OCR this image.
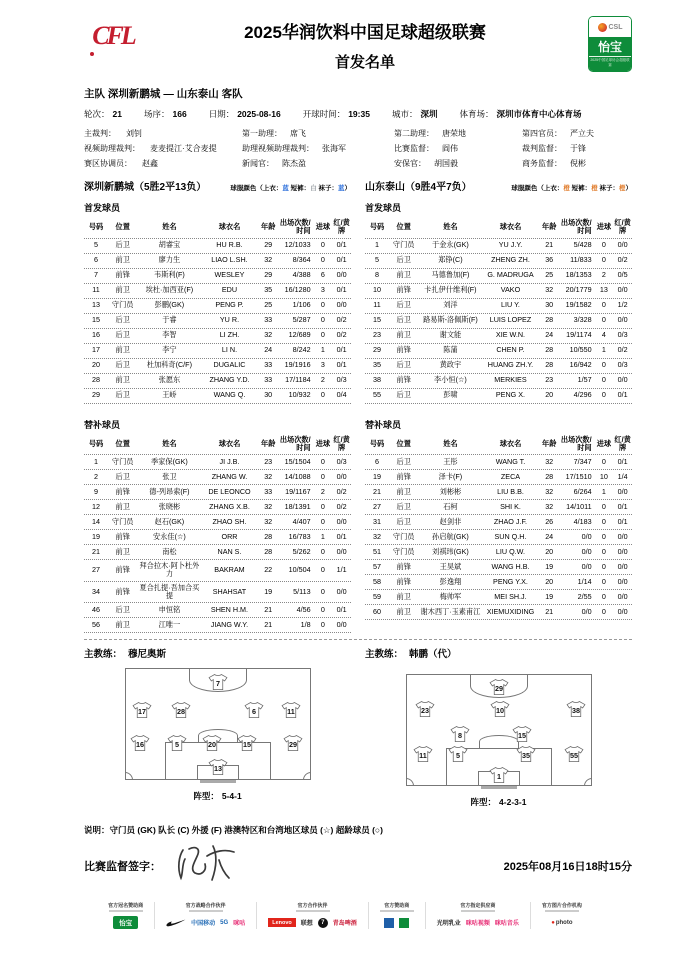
CFL	2025华润饮料中国足球超级联赛
首发名单
CSL
怡宝
2025中国足球协会超级联赛
主队 深圳新鹏城 — 山东泰山 客队
轮次： 21	场序： 166	日期： 2025-08-16	开球时间： 19:35	城市： 深圳	体育场： 深圳市体育中心体育场
主裁判： 刘钊	第一助理： 席飞	第二助理： 唐荣地	第四官员： 严立夫
视频助理裁判： 麦麦提江·艾合麦提	助理视频助理裁判： 张海军	比赛监督： 阎伟	裁判监督： 于锋
赛区协调员： 赵鑫	新闻官： 陈杰盈	安保官： 胡国毅	商务监督： 倪彬
深圳新鹏城（5胜2平13负）	球服颜色（上衣：蓝 短裤：白 袜子：蓝） 山东泰山（9胜4平7负）	球服颜色（上衣：橙 短裤：橙 袜子：橙）
首发球员	首发球员
号码	位置	姓名	球衣名	年龄 出场次数/时间 进球 红/黄牌
5	后卫	胡睿宝	HU R.B.	29	12/1033	0	0/1
6	前卫	廖力生	LIAO L.SH.	32	8/364	0	0/1
7	前锋	韦斯利(F)	WESLEY	29	4/388	6	0/0
11	前卫	埃杜·加西亚(F)	EDU	35	16/1280	3	0/1
13	守门员	彭鹏(GK)	PENG P.	25	1/106	0	0/0
15	后卫	于睿	YU R.	33	5/287	0	0/2
16	后卫	李智	LI ZH.	32	12/689	0	0/2
17	前卫	李宁	LI N.	24	8/242	1	0/1
20	后卫	杜加科奇(C/F)	DUGALIC	33	19/1916	3	0/1
28	前卫	张愿东	ZHANG Y.D.	33	17/1184	2	0/3
29	后卫	王峤	WANG Q.	30	10/932	0	0/4
号码	位置	姓名	球衣名	年龄 出场次数/时间 进球 红/黄牌
1	守门员	于金永(GK)	YU J.Y.	21	5/428	0	0/0
5	后卫	郑铮(C)	ZHENG ZH.	36	11/833	0	0/2
8	前卫	马德鲁加(F)	G. MADRUGA	25	18/1353	2	0/5
10	前锋	卡扎伊什维利(F)	VAKO	32	20/1779	13	0/0
11	后卫	刘洋	LIU Y.	30	19/1582	0	1/2
15	后卫	路易斯-洛佩斯(F)	LUIS LOPEZ	28	3/328	0	0/0
23	前卫	谢文能	XIE W.N.	24	19/1174	4	0/3
29	前锋	陈蒲	CHEN P.	28	10/550	1	0/2
35	后卫	黄政宇	HUANG ZH.Y.	28	16/942	0	0/3
38	前锋	李小恒(☆)	MERKIES	23	1/57	0	0/0
55	后卫	彭啸	PENG X.	20	4/296	0	0/1
替补球员	替补球员
号码	位置	姓名	球衣名	年龄 出场次数/时间 进球 红/黄牌
1	守门员	季家保(GK)	JI J.B.	23	15/1504	0	0/3
2	后卫	张卫	ZHANG W.	32	14/1088	0	0/0
9	前锋	德-列昂索(F)	DE LEONCO	33	19/1167	2	0/2
12	前卫	张晓彬	ZHANG X.B.	32	18/1391	0	0/2
14	守门员	赵石(GK)	ZHAO SH.	32	4/407	0	0/0
19	前锋	安永佳(☆)	ORR	28	16/783	1	0/1
21	前卫	南松	NAN S.	28	5/262	0	0/0
27	前锋	拜合拉木·阿卜杜外力	BAKRAM	22	10/504	0	1/1
34	前锋	夏合扎提·吾加合买提	SHAHSAT	19	5/113	0	0/0
46	后卫	申恒铭	SHEN H.M.	21	4/56	0	0/1
56	前卫	江唯一	JIANG W.Y.	21	1/8	0	0/0
号码	位置	姓名	球衣名	年龄 出场次数/时间 进球 红/黄牌
6	后卫	王彤	WANG T.	32	7/347	0	0/1
19	前锋	泽卡(F)	ZECA	28	17/1510	10	1/4
21	前卫	刘彬彬	LIU B.B.	32	6/264	1	0/0
27	后卫	石柯	SHI K.	32	14/1011	0	0/1
31	后卫	赵剑非	ZHAO J.F.	26	4/183	0	0/1
32	守门员	孙启航(GK)	SUN Q.H.	24	0/0	0	0/0
51	守门员	刘祺玮(GK)	LIU Q.W.	20	0/0	0	0/0
57	前锋	王昊斌	WANG H.B.	19	0/0	0	0/0
58	前锋	彭逸翔	PENG Y.X.	20	1/14	0	0/0
59	前卫	梅帅军	MEI SH.J.	19	2/55	0	0/0
60	前卫	谢木西丁·玉素甫江 XIEMUXIDING	21	0/0	0	0/0
主教练： 穆尼奥斯	主教练： 韩鹏（代）
7
17	28	6	11
16	5	20	15	29
13
阵型： 5-4-1
29
23	10	38
8	15
11	5	35	55
1
阵型： 4-2-3-1
说明：守门员 (GK) 队长 (C) 外援 (F) 港澳特区和台湾地区球员 (☆) 超龄球员 (○)
比赛监督签字：	2025年08月16日18时15分
官方冠名赞助商
怡宝
官方战略合作伙伴
中国移动 5G 咪咕
官方合作伙伴
Lenovo	联想	7	青岛啤酒
官方赞助商	官方指定供应商
光明乳业 咪咕视频 咪咕音乐
官方图片合作机构
● photo
